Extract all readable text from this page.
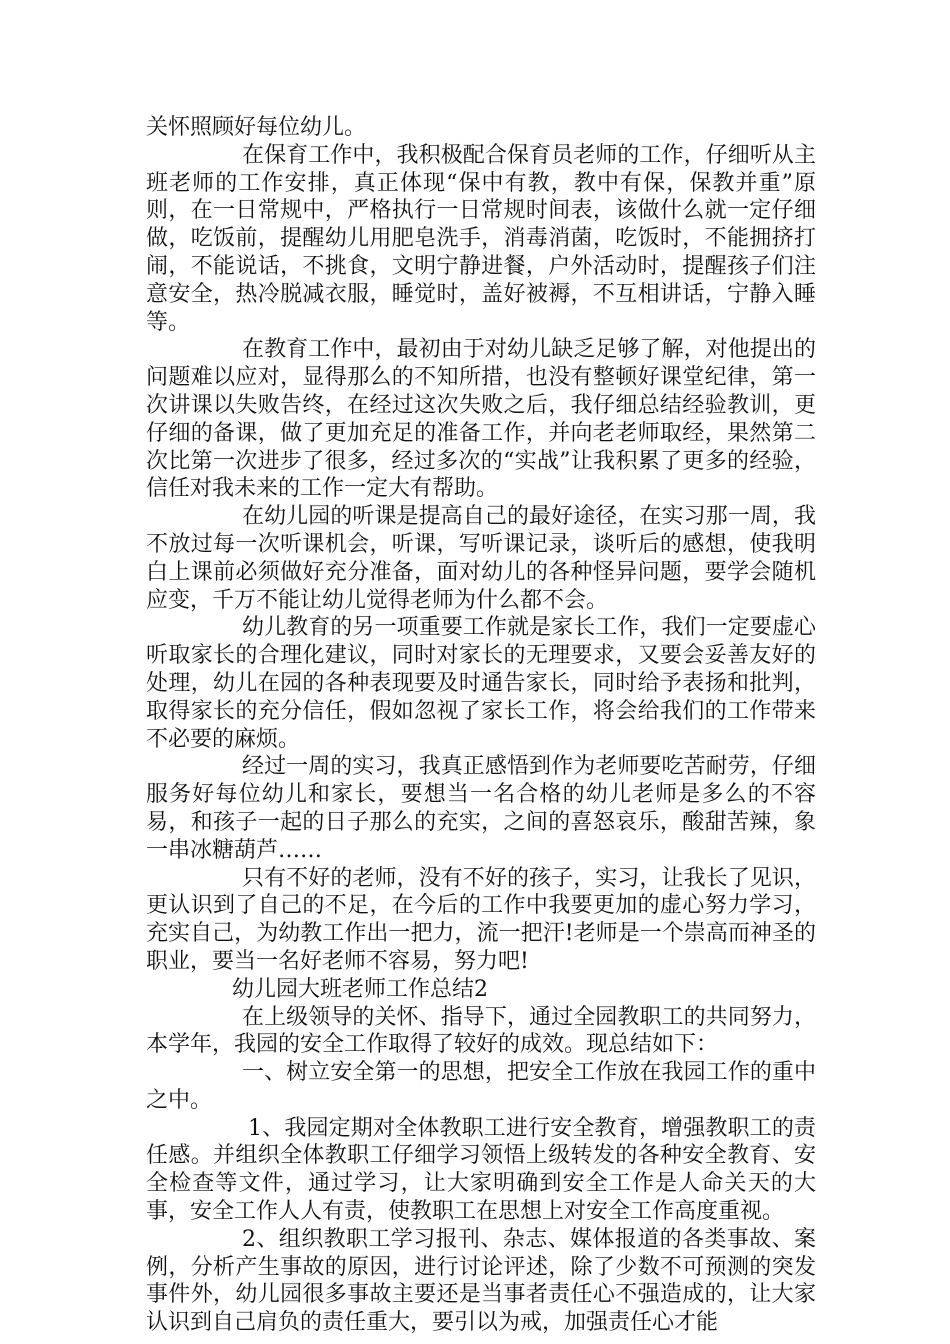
关怀照顾好每位幼儿。

在保育工作中，我积极配合保育员老师的工作，仔细听从主班老师的工作安排，真正体现“保中有教，教中有保，保教并重”原则，在一日常规中，严格执行一日常规时间表，该做什么就一定仔细做，吃饭前，提醒幼儿用肥皂洗手，消毒消菌，吃饭时，不能拥挤打闹，不能说话，不挑食，文明宁静进餐，户外活动时，提醒孩子们注意安全，热冷脱减衣服，睡觉时，盖好被褥，不互相讲话，宁静入睡等。

在教育工作中，最初由于对幼儿缺乏足够了解，对他提出的问题难以应对，显得那么的不知所措，也没有整顿好课堂纪律，第一次讲课以失败告终，在经过这次失败之后，我仔细总结经验教训，更仔细的备课，做了更加充足的准备工作，并向老老师取经，果然第二次比第一次进步了很多，经过多次的“实战”让我积累了更多的经验，信任对我未来的工作一定大有帮助。

在幼儿园的听课是提高自己的最好途径，在实习那一周，我不放过每一次听课机会，听课，写听课记录，谈听后的感想，使我明白上课前必须做好充分准备，面对幼儿的各种怪异问题，要学会随机应变，千万不能让幼儿觉得老师为什么都不会。

幼儿教育的另一项重要工作就是家长工作，我们一定要虚心听取家长的合理化建议，同时对家长的无理要求，又要会妥善友好的处理，幼儿在园的各种表现要及时通告家长，同时给予表扬和批判，取得家长的充分信任，假如忽视了家长工作，将会给我们的工作带来不必要的麻烦。

经过一周的实习，我真正感悟到作为老师要吃苦耐劳，仔细服务好每位幼儿和家长，要想当一名合格的幼儿老师是多么的不容易，和孩子一起的日子那么的充实，之间的喜怒哀乐，酸甜苦辣，象一串冰糖葫芦……

只有不好的老师，没有不好的孩子，实习，让我长了见识，更认识到了自己的不足，在今后的工作中我要更加的虚心努力学习，充实自己，为幼教工作出一把力，流一把汗!老师是一个崇高而神圣的职业，要当一名好老师不容易，努力吧!

幼儿园大班老师工作总结2

在上级领导的关怀、指导下，通过全园教职工的共同努力，本学年，我园的安全工作取得了较好的成效。现总结如下：

一、树立安全第一的思想，把安全工作放在我园工作的重中之中。

1、我园定期对全体教职工进行安全教育，增强教职工的责任感。并组织全体教职工仔细学习领悟上级转发的各种安全教育、安全检查等文件，通过学习，让大家明确到安全工作是人命关天的大事，安全工作人人有责，使教职工在思想上对安全工作高度重视。

2、组织教职工学习报刊、杂志、媒体报道的各类事故、案例，分析产生事故的原因，进行讨论评述，除了少数不可预测的突发事件外，幼儿园很多事故主要还是当事者责任心不强造成的，让大家认识到自己肩负的责任重大，要引以为戒，加强责任心才能
